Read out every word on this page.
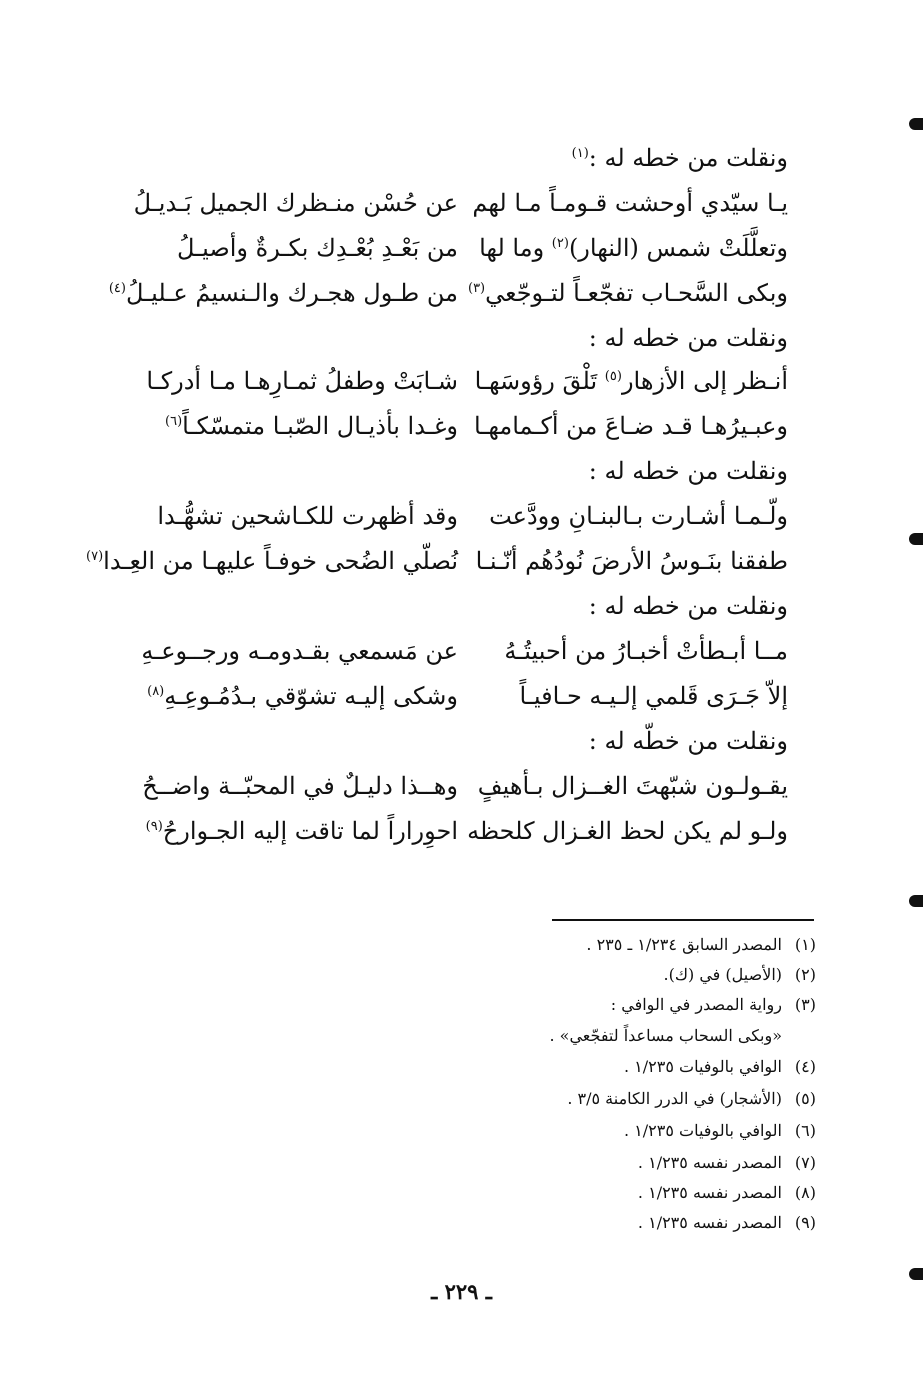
ونقلت من خطه له :$^{(١)}$
يـا سيّدي أوحشت قـومـاً مـا لهم
عن حُسْن منـظرك الجميل بَـديـلُ
وتعلَّلَتْ شمس (النهار)$^{(٢)}$ وما لها
من بَعْـدِ بُعْـدِك بكـرةٌ وأصيـلُ
وبكى السَّحـاب تفجّعـاً لتـوجّعي$^{(٣)}$
من طـول هجـرك والـنسيمُ عـليـلُ$^{(٤)}$
ونقلت من خطه له :
أنـظر إلى الأزهار$^{(٥)}$ تَلْقَ رؤوسَهـا
شـابَتْ وطفلُ ثمـارِهـا مـا أدركـا
وعبـيرُهـا قـد ضـاعَ من أكـمامهـا
وغـدا بأذيـال الصّبـا متمسّكـاً$^{(٦)}$
ونقلت من خطه له :
ولّـمـا أشـارت بـالبنـانِ وودَّعت
وقد أظهرت للكـاشحين تشهُّـدا
طفقنا بنَـوسُ الأرضَ نُودُهُم أنّـنـا
نُصلّي الضُحى خوفـاً عليهـا من العِـدا$^{(٧)}$
ونقلت من خطه له :
مــا أبـطأتْ أخبـارُ من أحبيتُـهُ
عن مَسمعي بقـدومـه ورجــوعـهِ
إلاّ جَـرَى قَلمي إلـيـه حـافيـاً
وشكى إليـه تشوّقي بـدُمُـوعِـهِ$^{(٨)}$
ونقلت من خطّه له :
يقـولـون شبّهتَ الغــزال بـأهيفٍ
وهــذا دليـلٌ في المحبّــة واضــحُ
ولـو لم يكن لحظ الغـزال كلحظه
احوِراراً لما تاقت إليه الجـوارحُ$^{(٩)}$
(١)المصدر السابق ١/٢٣٤ ـ ٢٣٥ .
(٢)(الأصيل) في (ك).
(٣)رواية المصدر في الوافي :
«وبكى السحاب مساعداً لتفجّعي» .
(٤)الوافي بالوفيات ١/٢٣٥ .
(٥)(الأشجار) في الدرر الكامنة ٣/٥ .
(٦)الوافي بالوفيات ١/٢٣٥ .
(٧)المصدر نفسه ١/٢٣٥ .
(٨)المصدر نفسه ١/٢٣٥ .
(٩)المصدر نفسه ١/٢٣٥ .
ـ ٢٢٩ ـ
